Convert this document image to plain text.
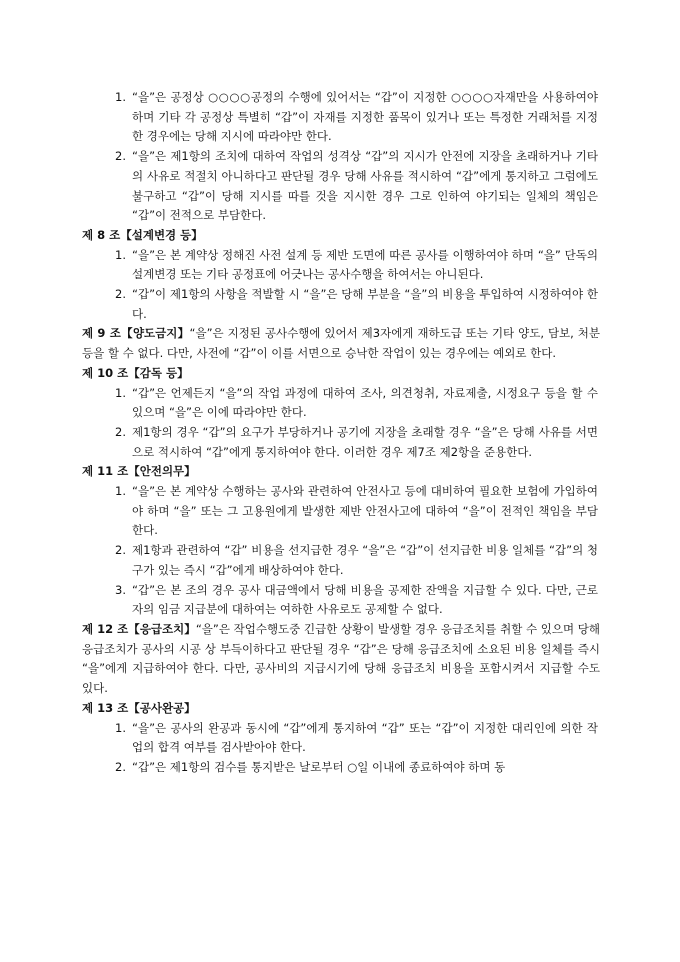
1. “을”은 공정상 ○○○○공정의 수행에 있어서는 “갑”이 지정한 ○○○○자재만을 사용하여야 하며 기타 각 공정상 특별히 “갑”이 자재를 지정한 품목이 있거나 또는 특정한 거래처를 지정한 경우에는 당해 지시에 따라야만 한다.
2. “을”은 제1항의 조치에 대하여 작업의 성격상 “갑”의 지시가 안전에 지장을 초래하거나 기타의 사유로 적절치 아니하다고 판단될 경우 당해 사유를 적시하여 “갑”에게 통지하고 그럼에도 불구하고 “갑”이 당해 지시를 따를 것을 지시한 경우 그로 인하여 야기되는 일체의 책임은 “갑”이 전적으로 부담한다.
제 8 조【설계변경 등】
1. “을”은 본 계약상 정해진 사전 설계 등 제반 도면에 따른 공사를 이행하여야 하며 “을” 단독의 설계변경 또는 기타 공정표에 어긋나는 공사수행을 하여서는 아니된다.
2. “갑”이 제1항의 사항을 적발할 시 “을”은 당해 부분을 “을”의 비용을 투입하여 시정하여야 한다.
제 9 조【양도금지】“을”은 지정된 공사수행에 있어서 제3자에게 재하도급 또는 기타 양도, 담보, 처분 등을 할 수 없다. 다만, 사전에 “갑”이 이를 서면으로 승낙한 작업이 있는 경우에는 예외로 한다.
제 10 조【감독 등】
1. “갑”은 언제든지 “을”의 작업 과정에 대하여 조사, 의견청취, 자료제출, 시정요구 등을 할 수 있으며 “을”은 이에 따라야만 한다.
2. 제1항의 경우 “갑”의 요구가 부당하거나 공기에 지장을 초래할 경우 “을”은 당해 사유를 서면으로 적시하여 “갑”에게 통지하여야 한다. 이러한 경우 제7조 제2항을 준용한다.
제 11 조【안전의무】
1. “을”은 본 계약상 수행하는 공사와 관련하여 안전사고 등에 대비하여 필요한 보험에 가입하여야 하며 “을” 또는 그 고용원에게 발생한 제반 안전사고에 대하여 “을”이 전적인 책임을 부담한다.
2. 제1항과 관련하여 “갑” 비용을 선지급한 경우 “을”은 “갑”이 선지급한 비용 일체를 “갑”의 청구가 있는 즉시 “갑”에게 배상하여야 한다.
3. “갑”은 본 조의 경우 공사 대금액에서 당해 비용을 공제한 잔액을 지급할 수 있다. 다만, 근로자의 임금 지급분에 대하여는 여하한 사유로도 공제할 수 없다.
제 12 조【응급조치】“을”은 작업수행도중 긴급한 상황이 발생할 경우 응급조치를 취할 수 있으며 당해 응급조치가 공사의 시공 상 부득이하다고 판단될 경우 “갑”은 당해 응급조치에 소요된 비용 일체를 즉시 “을”에게 지급하여야 한다. 다만, 공사비의 지급시기에 당해 응급조치 비용을 포함시켜서 지급할 수도 있다.
제 13 조【공사완공】
1. “을”은 공사의 완공과 동시에 “갑”에게 통지하여 “갑” 또는 “갑”이 지정한 대리인에 의한 작업의 합격 여부를 검사받아야 한다.
2. “갑”은 제1항의 검수를 통지받은 날로부터 ○일 이내에 종료하여야 하며 동
